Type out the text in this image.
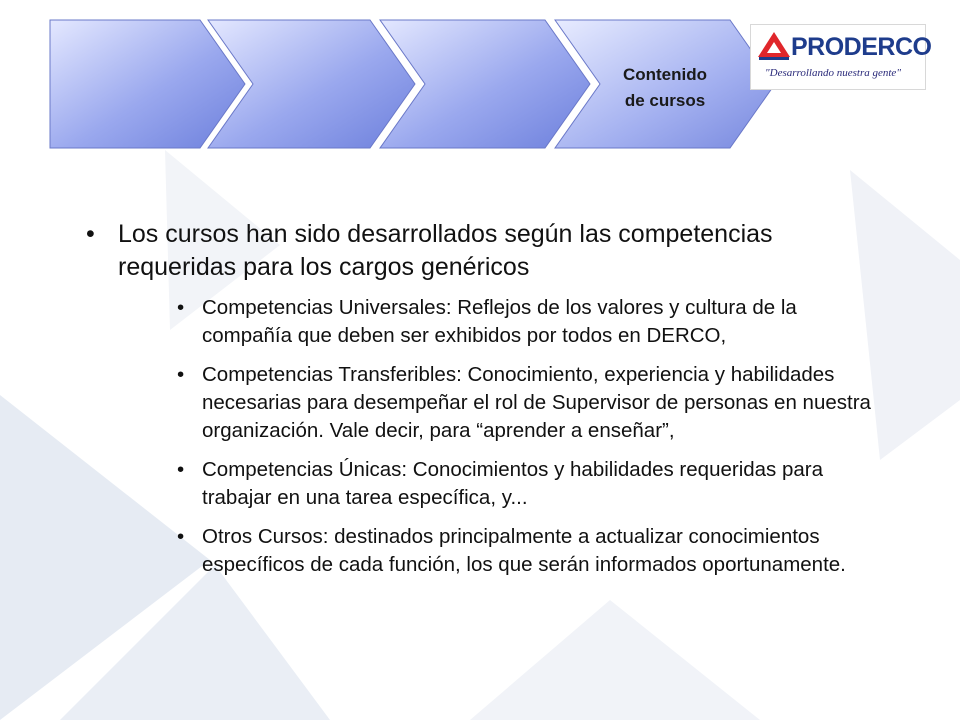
Contenido
de cursos
PRODERCO
"Desarrollando nuestra gente"

• Los cursos han sido desarrollados según las competencias requeridas para los cargos genéricos

• Competencias Universales: Reflejos de los valores y cultura de la compañía que deben ser exhibidos por todos en DERCO,
• Competencias Transferibles: Conocimiento, experiencia y habilidades necesarias para desempeñar el rol de Supervisor de personas en nuestra organización. Vale decir, para “aprender a enseñar”,
• Competencias Únicas: Conocimientos y habilidades requeridas para trabajar en una tarea específica, y...
• Otros Cursos: destinados principalmente a actualizar conocimientos específicos de cada función, los que serán informados oportunamente.
